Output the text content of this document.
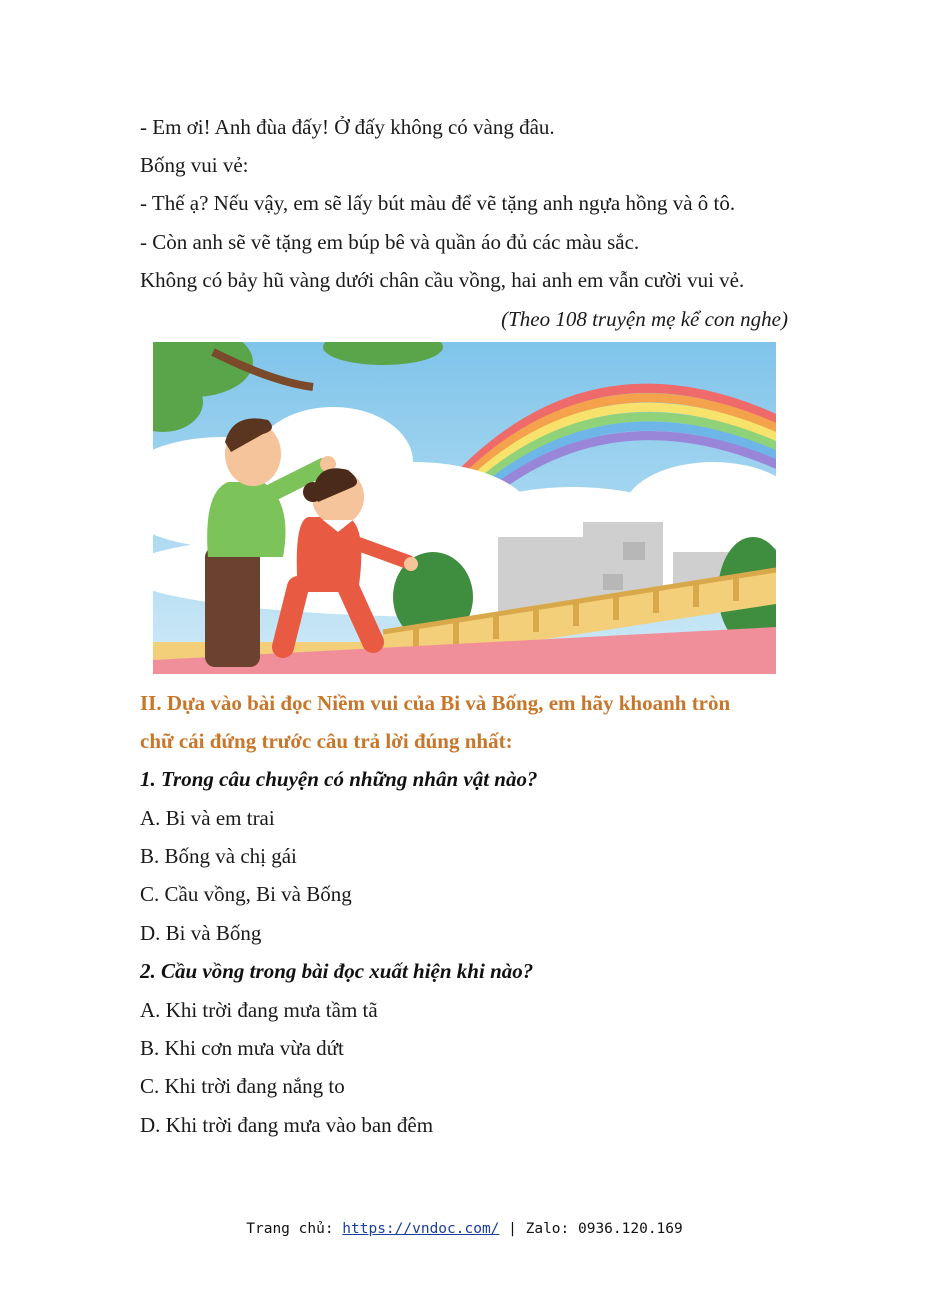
- Em ơi! Anh đùa đấy! Ở đấy không có vàng đâu.
Bống vui vẻ:
- Thế ạ? Nếu vậy, em sẽ lấy bút màu để vẽ tặng anh ngựa hồng và ô tô.
- Còn anh sẽ vẽ tặng em búp bê và quần áo đủ các màu sắc.
Không có bảy hũ vàng dưới chân cầu vồng, hai anh em vẫn cười vui vẻ.
(Theo 108 truyện mẹ kể con nghe)
II. Dựa vào bài đọc Niềm vui của Bi và Bống, em hãy khoanh tròn
chữ cái đứng trước câu trả lời đúng nhất:
1. Trong câu chuyện có những nhân vật nào?
A. Bi và em trai
B. Bống và chị gái
C. Cầu vồng, Bi và Bống
D. Bi và Bống
2. Cầu vồng trong bài đọc xuất hiện khi nào?
A. Khi trời đang mưa tầm tã
B. Khi cơn mưa vừa dứt
C. Khi trời đang nắng to
D. Khi trời đang mưa vào ban đêm
Trang chủ: https://vndoc.com/ | Zalo: 0936.120.169
